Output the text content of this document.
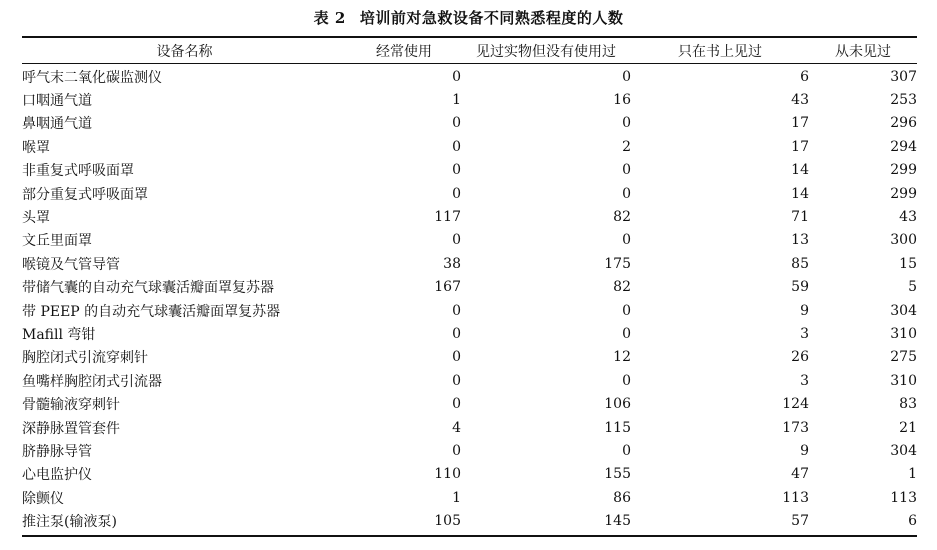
表 2 培训前对急救设备不同熟悉程度的人数
设备名称	经常使用	见过实物但没有使用过	只在书上见过	从未见过
呼气末二氧化碳监测仪	0	0	6	307
口咽通气道	1	16	43	253
鼻咽通气道	0	0	17	296
喉罩	0	2	17	294
非重复式呼吸面罩	0	0	14	299
部分重复式呼吸面罩	0	0	14	299
头罩	117	82	71	43
文丘里面罩	0	0	13	300
喉镜及气管导管	38	175	85	15
带储气囊的自动充气球囊活瓣面罩复苏器	167	82	59	5
带 PEEP 的自动充气球囊活瓣面罩复苏器	0	0	9	304
Mafill 弯钳	0	0	3	310
胸腔闭式引流穿刺针	0	12	26	275
鱼嘴样胸腔闭式引流器	0	0	3	310
骨髓输液穿刺针	0	106	124	83
深静脉置管套件	4	115	173	21
脐静脉导管	0	0	9	304
心电监护仪	110	155	47	1
除颤仪	1	86	113	113
推注泵(输液泵)	105	145	57	6
